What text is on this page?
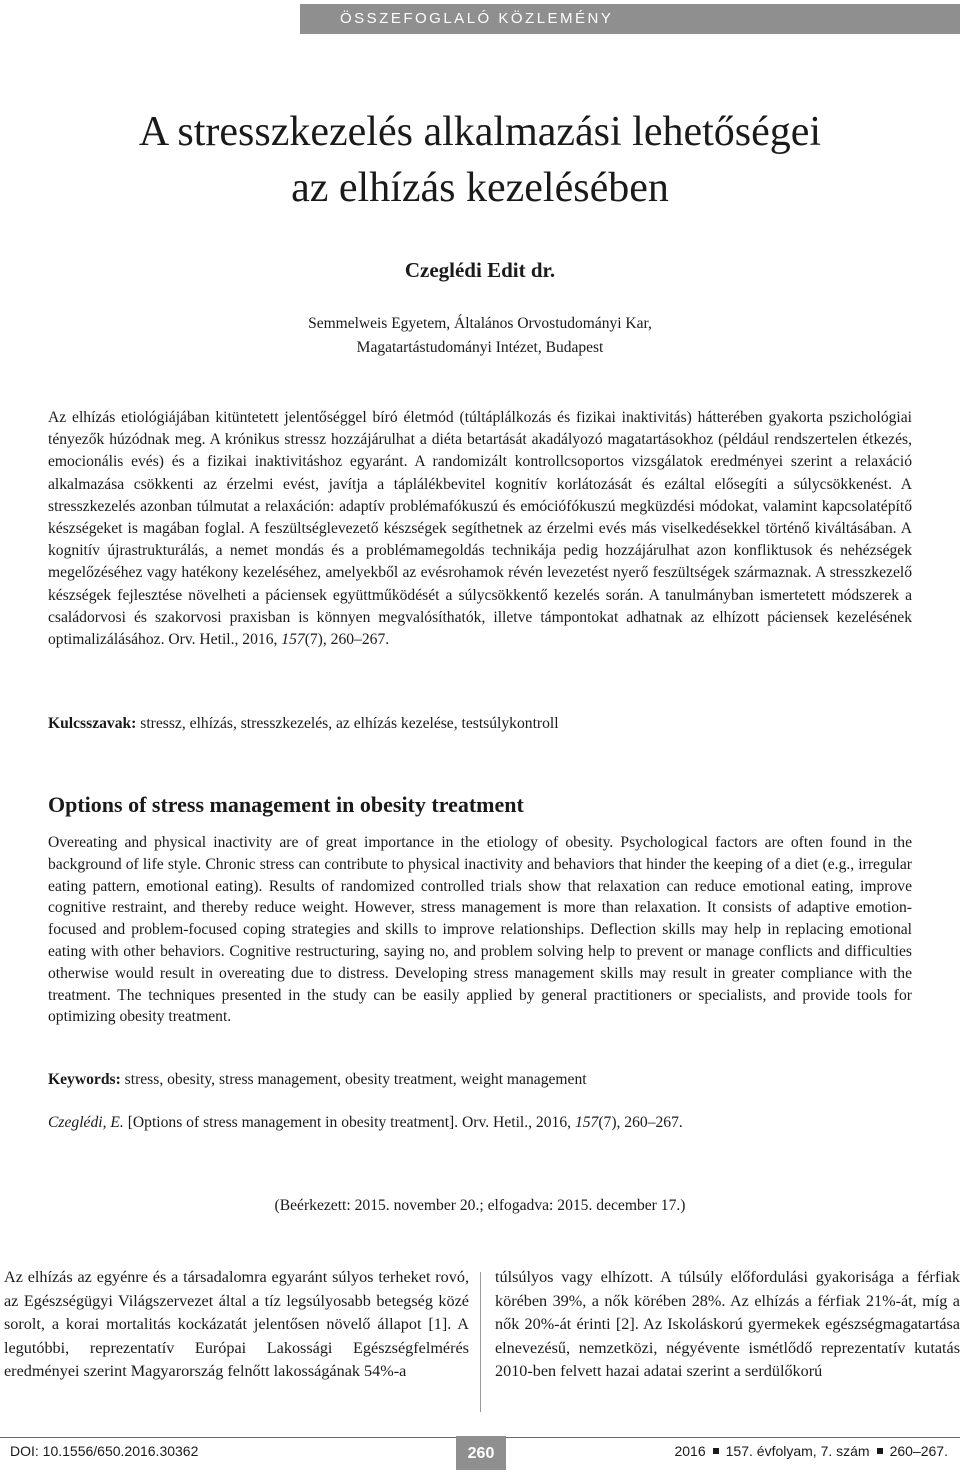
ÖSSZEFOGLALÓ KÖZLEMÉNY
A stresszkezelés alkalmazási lehetőségei
az elhízás kezelésében
Czeglédi Edit dr.
Semmelweis Egyetem, Általános Orvostudományi Kar,
Magatartástudományi Intézet, Budapest

Az elhízás etiológiájában kitüntetett jelentőséggel bíró életmód (túltáplálkozás és fizikai inaktivitás) hátterében gyakorta pszichológiai tényezők húzódnak meg. A krónikus stressz hozzájárulhat a diéta betartását akadályozó magatartásokhoz (például rendszertelen étkezés, emocionális evés) és a fizikai inaktivitáshoz egyaránt. A randomizált kontrollcsoportos vizsgálatok eredményei szerint a relaxáció alkalmazása csökkenti az érzelmi evést, javítja a táplálékbevitel kognitív korlátozását és ezáltal elősegíti a súlycsökkenést. A stresszkezelés azonban túlmutat a relaxáción: adaptív problémafókuszú és emóciófókuszú megküzdési módokat, valamint kapcsolatépítő készségeket is magában foglal. A feszültséglevezető készségek segíthetnek az érzelmi evés más viselkedésekkel történő kiváltásában. A kognitív újrastrukturálás, a nemet mondás és a problémamegoldás technikája pedig hozzájárulhat azon konfliktusok és nehézségek megelőzéséhez vagy hatékony kezeléséhez, amelyekből az evésrohamok révén levezetést nyerő feszültségek származnak. A stresszkezelő készségek fejlesztése növelheti a páciensek együttműködését a súlycsökkentő kezelés során. A tanulmányban ismertetett módszerek a családorvosi és szakorvosi praxisban is könnyen megvalósíthatók, illetve támpontokat adhatnak az elhízott páciensek kezelésének optimalizálásához. Orv. Hetil., 2016, 157(7), 260–267.

Kulcsszavak: stressz, elhízás, stresszkezelés, az elhízás kezelése, testsúlykontroll

Options of stress management in obesity treatment

Overeating and physical inactivity are of great importance in the etiology of obesity. Psychological factors are often found in the background of life style. Chronic stress can contribute to physical inactivity and behaviors that hinder the keeping of a diet (e.g., irregular eating pattern, emotional eating). Results of randomized controlled trials show that relaxation can reduce emotional eating, improve cognitive restraint, and thereby reduce weight. However, stress management is more than relaxation. It consists of adaptive emotion-focused and problem-focused coping strategies and skills to improve relationships. Deflection skills may help in replacing emotional eating with other behaviors. Cognitive restructuring, saying no, and problem solving help to prevent or manage conflicts and difficulties otherwise would result in overeating due to distress. Developing stress management skills may result in greater compliance with the treatment. The techniques presented in the study can be easily applied by general practitioners or specialists, and provide tools for optimizing obesity treatment.

Keywords: stress, obesity, stress management, obesity treatment, weight management

Czeglédi, E. [Options of stress management in obesity treatment]. Orv. Hetil., 2016, 157(7), 260–267.

(Beérkezett: 2015. november 20.; elfogadva: 2015. december 17.)

Az elhízás az egyénre és a társadalomra egyaránt súlyos terheket rovó, az Egészségügyi Világszervezet által a tíz legsúlyosabb betegség közé sorolt, a korai mortalitás kockázatát jelentősen növelő állapot [1]. A legutóbbi, reprezentatív Európai Lakossági Egészségfelmérés eredményei szerint Magyarország felnőtt lakosságának 54%-a

túlsúlyos vagy elhízott. A túlsúly előfordulási gyakorisága a férfiak körében 39%, a nők körében 28%. Az elhízás a férfiak 21%-át, míg a nők 20%-át érinti [2]. Az Iskoláskorú gyermekek egészségmagatartása elnevezésű, nemzetközi, négyévente ismétlődő reprezentatív kutatás 2010-ben felvett hazai adatai szerint a serdülőkorú

DOI: 10.1556/650.2016.30362	260	2016 157. évfolyam, 7. szám 260–267.
